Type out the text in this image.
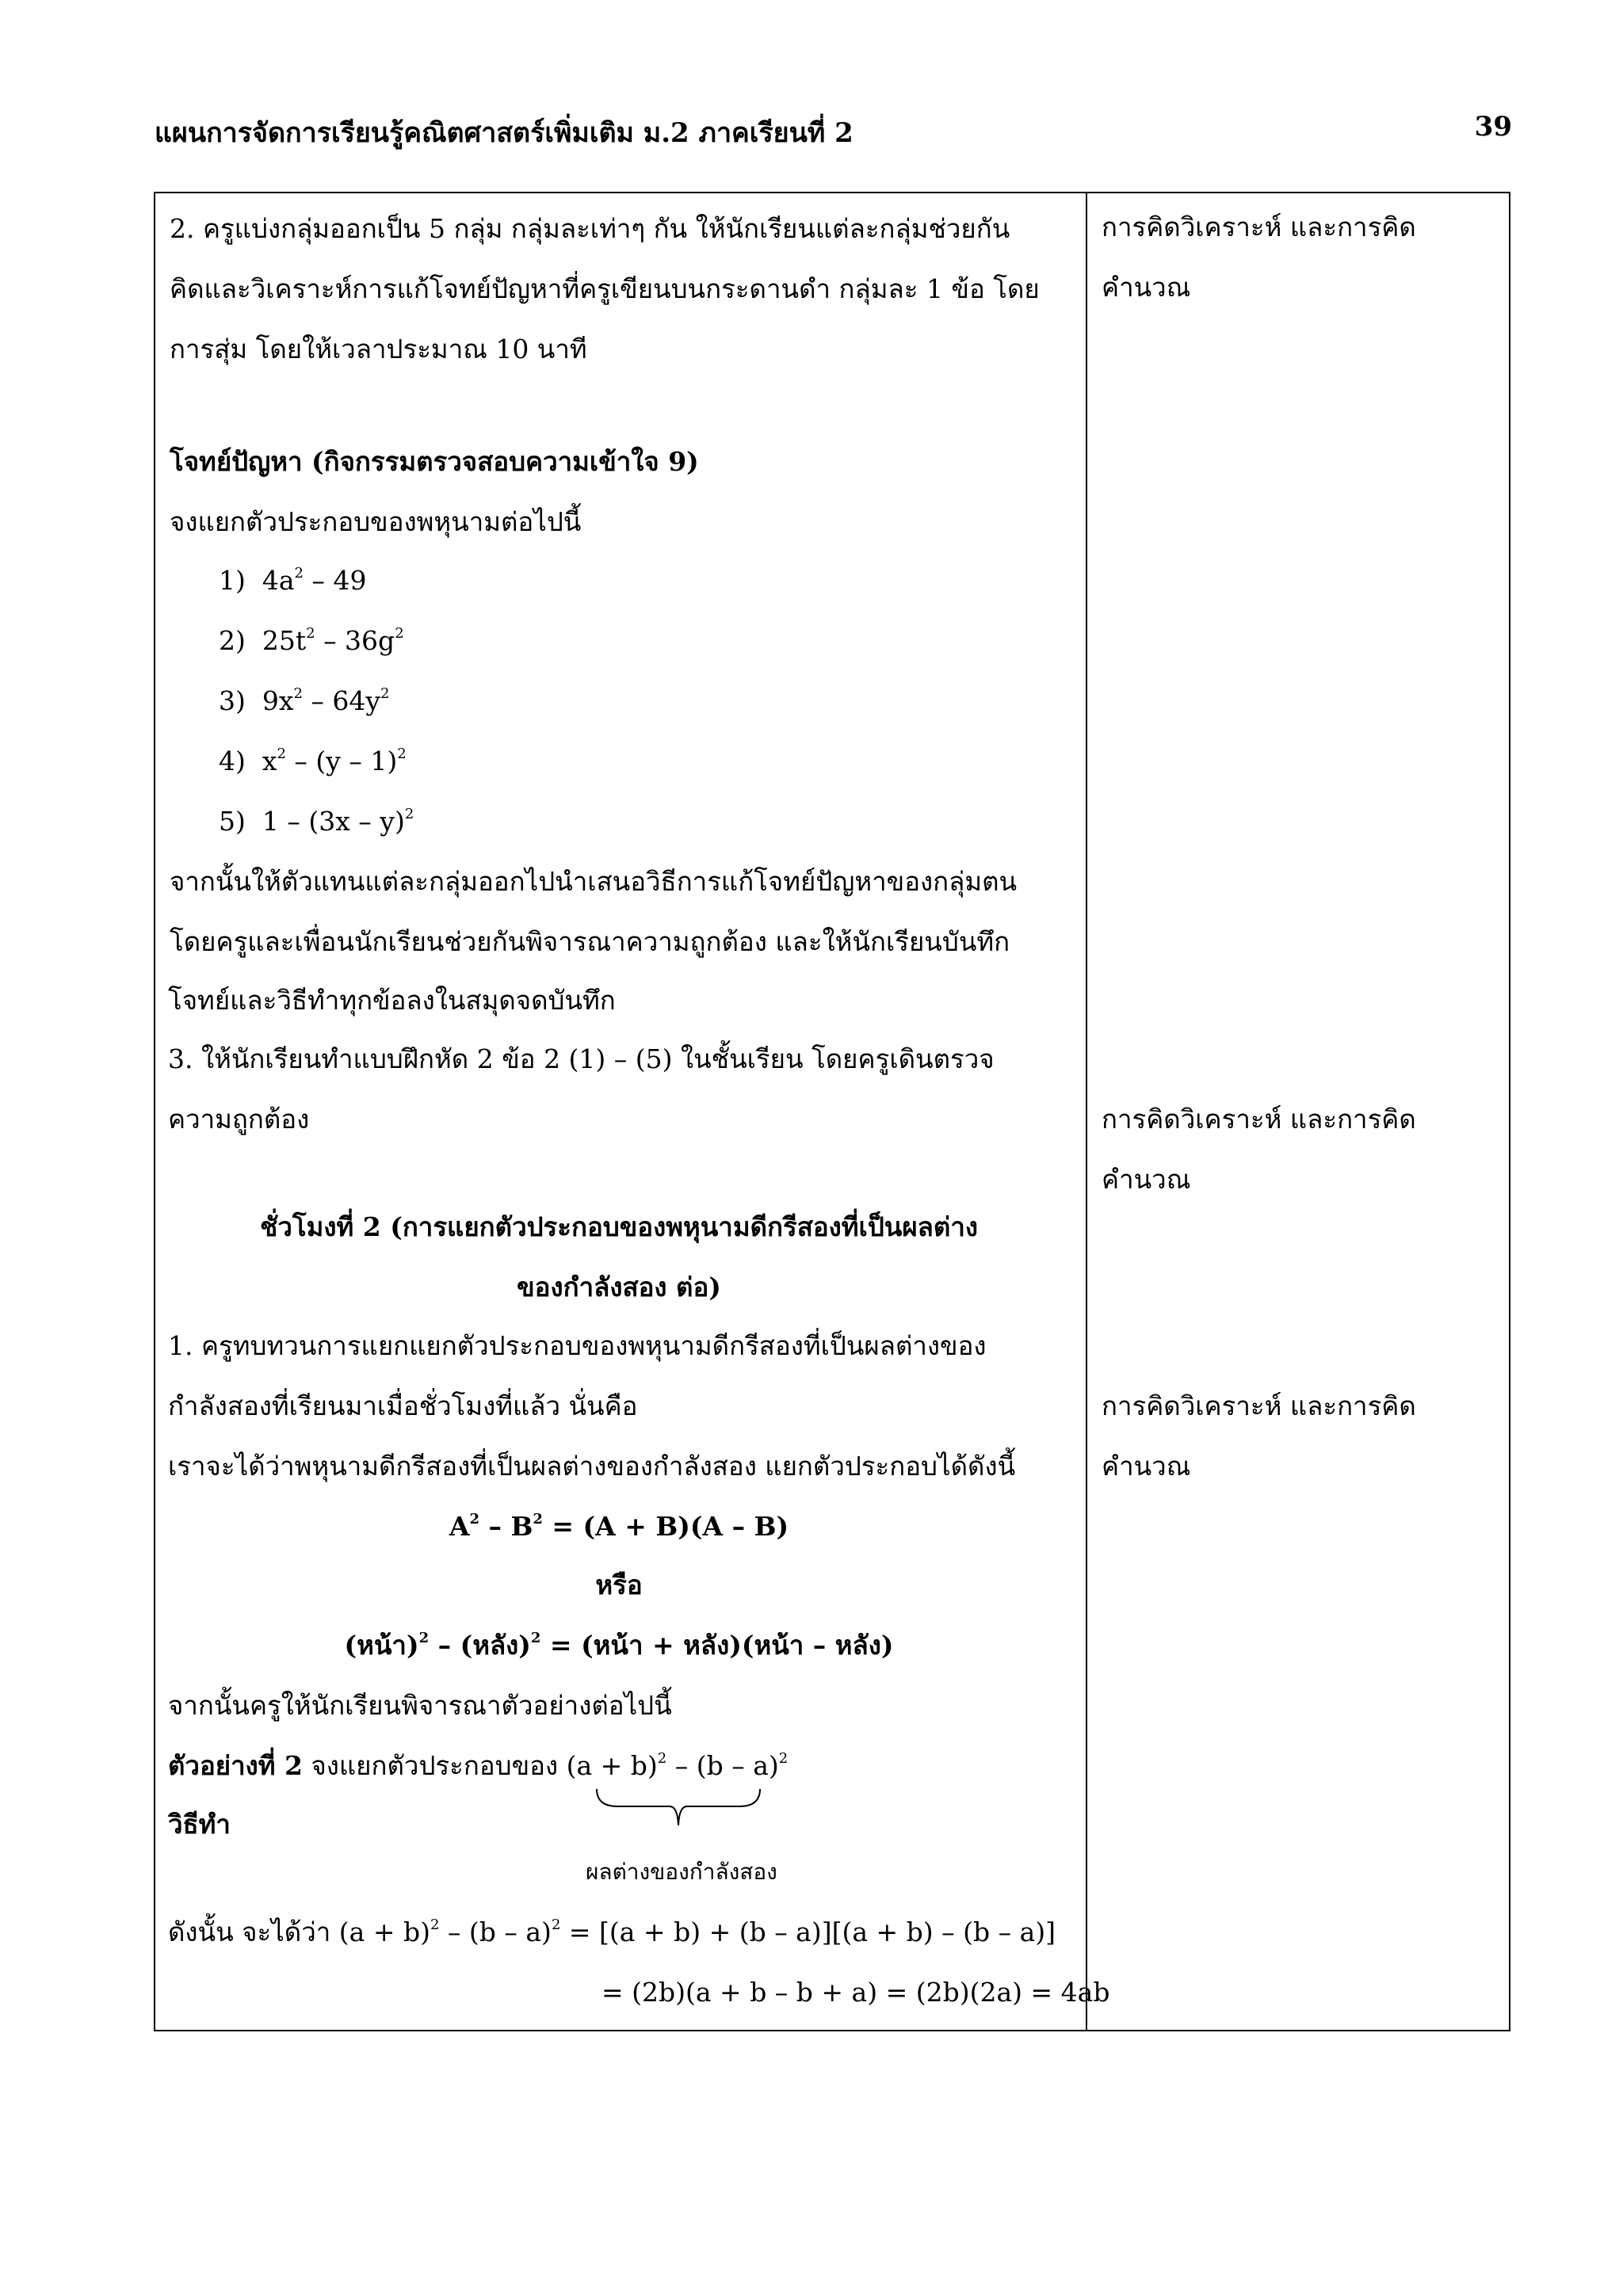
แผนการจัดการเรียนรู้คณิตศาสตร์เพิ่มเติม ม.2 ภาคเรียนที่ 2	39
2. ครูแบ่งกลุ่มออกเป็น 5 กลุ่ม กลุ่มละเท่าๆ กัน ให้นักเรียนแต่ละกลุ่มช่วยกัน
คิดและวิเคราะห์การแก้โจทย์ปัญหาที่ครูเขียนบนกระดานดำ กลุ่มละ 1 ข้อ โดย
การสุ่ม โดยให้เวลาประมาณ 10 นาที
โจทย์ปัญหา (กิจกรรมตรวจสอบความเข้าใจ 9)
จงแยกตัวประกอบของพหุนามต่อไปนี้
1) $4a^2 - 49$
2) $25t^2 - 36g^2$
3) $9x^2 - 64y^2$
4) $x^2 - (y - 1)^2$
5) 1 – (3x – y)$^2$
จากนั้นให้ตัวแทนแต่ละกลุ่มออกไปนำเสนอวิธีการแก้โจทย์ปัญหาของกลุ่มตน
โดยครูและเพื่อนนักเรียนช่วยกันพิจารณาความถูกต้อง และให้นักเรียนบันทึก
โจทย์และวิธีทำทุกข้อลงในสมุดจดบันทึก
3. ให้นักเรียนทำแบบฝึกหัด 2 ข้อ 2 (1) – (5) ในชั้นเรียน โดยครูเดินตรวจ
ความถูกต้อง
ชั่วโมงที่ 2 (การแยกตัวประกอบของพหุนามดีกรีสองที่เป็นผลต่าง
ของกำลังสอง ต่อ)
1. ครูทบทวนการแยกแยกตัวประกอบของพหุนามดีกรีสองที่เป็นผลต่างของ
กำลังสองที่เรียนมาเมื่อชั่วโมงที่แล้ว นั่นคือ
เราจะได้ว่าพหุนามดีกรีสองที่เป็นผลต่างของกำลังสอง แยกตัวประกอบได้ดังนี้
$A^2 - B^2 = (A + B)(A - B)$
หรือ
(หน้า)$^2$ – (หลัง)$^2$ = (หน้า + หลัง)(หน้า – หลัง)
จากนั้นครูให้นักเรียนพิจารณาตัวอย่างต่อไปนี้
ตัวอย่างที่ 2 จงแยกตัวประกอบของ $(a + b)^2 - (b - a)^2$
วิธีทำ
ผลต่างของกำลังสอง
ดังนั้น จะได้ว่า $(a + b)^2 - (b - a)^2 = [(a + b) + (b - a)][(a + b) - (b - a)]$
= (2b)(a + b – b + a) = (2b)(2a) = 4ab
การคิดวิเคราะห์ และการคิด
คำนวณ
การคิดวิเคราะห์ และการคิด
คำนวณ
การคิดวิเคราะห์ และการคิด
คำนวณ
